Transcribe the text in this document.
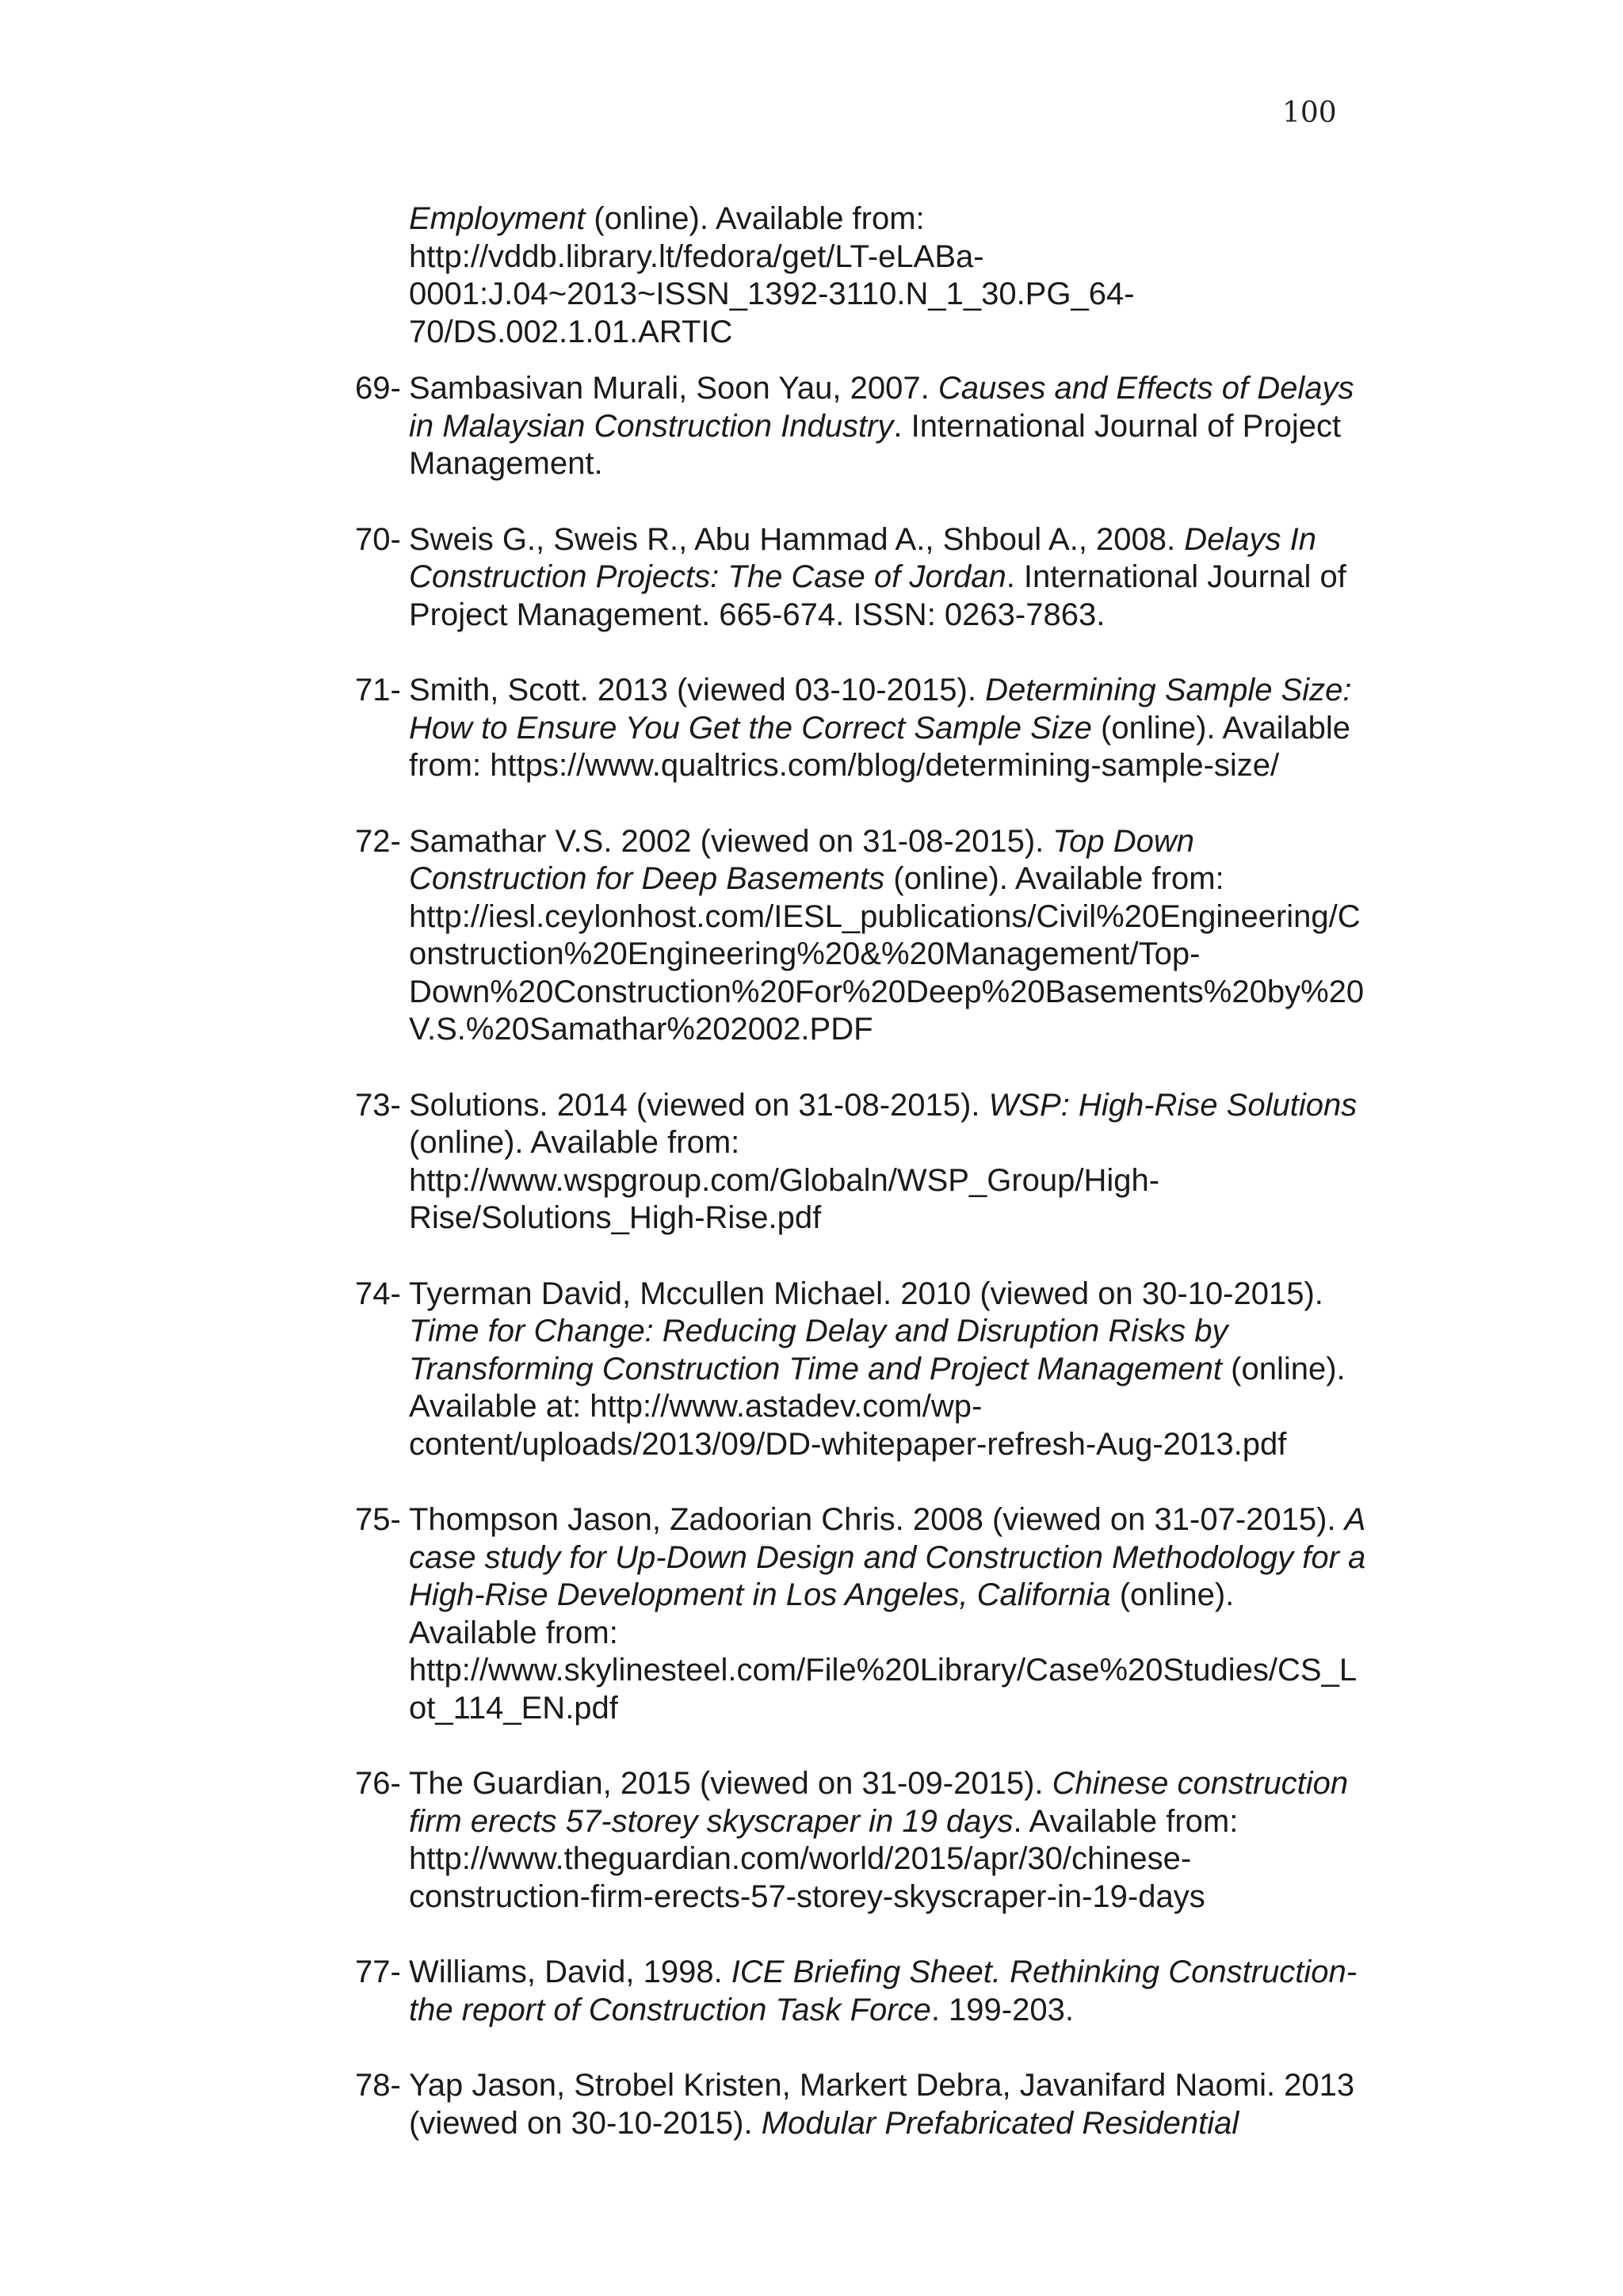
100
Employment (online). Available from:
http://vddb.library.lt/fedora/get/LT-eLABa-
0001:J.04~2013~ISSN_1392-3110.N_1_30.PG_64-
70/DS.002.1.01.ARTIC
69- Sambasivan Murali, Soon Yau, 2007. Causes and Effects of Delays
in Malaysian Construction Industry. International Journal of Project
Management.
70- Sweis G., Sweis R., Abu Hammad A., Shboul A., 2008. Delays In
Construction Projects: The Case of Jordan. International Journal of
Project Management. 665-674. ISSN: 0263-7863.
71- Smith, Scott. 2013 (viewed 03-10-2015). Determining Sample Size:
How to Ensure You Get the Correct Sample Size (online). Available
from: https://www.qualtrics.com/blog/determining-sample-size/
72- Samathar V.S. 2002 (viewed on 31-08-2015). Top Down
Construction for Deep Basements (online). Available from:
http://iesl.ceylonhost.com/IESL_publications/Civil%20Engineering/C
onstruction%20Engineering%20&%20Management/Top-
Down%20Construction%20For%20Deep%20Basements%20by%20
V.S.%20Samathar%202002.PDF
73- Solutions. 2014 (viewed on 31-08-2015). WSP: High-Rise Solutions
(online). Available from:
http://www.wspgroup.com/Globaln/WSP_Group/High-
Rise/Solutions_High-Rise.pdf
74- Tyerman David, Mccullen Michael. 2010 (viewed on 30-10-2015).
Time for Change: Reducing Delay and Disruption Risks by
Transforming Construction Time and Project Management (online).
Available at: http://www.astadev.com/wp-
content/uploads/2013/09/DD-whitepaper-refresh-Aug-2013.pdf
75- Thompson Jason, Zadoorian Chris. 2008 (viewed on 31-07-2015). A
case study for Up-Down Design and Construction Methodology for a
High-Rise Development in Los Angeles, California (online).
Available from:
http://www.skylinesteel.com/File%20Library/Case%20Studies/CS_L
ot_114_EN.pdf
76- The Guardian, 2015 (viewed on 31-09-2015). Chinese construction
firm erects 57-storey skyscraper in 19 days. Available from:
http://www.theguardian.com/world/2015/apr/30/chinese-
construction-firm-erects-57-storey-skyscraper-in-19-days
77- Williams, David, 1998. ICE Briefing Sheet. Rethinking Construction-
the report of Construction Task Force. 199-203.
78- Yap Jason, Strobel Kristen, Markert Debra, Javanifard Naomi. 2013
(viewed on 30-10-2015). Modular Prefabricated Residential
